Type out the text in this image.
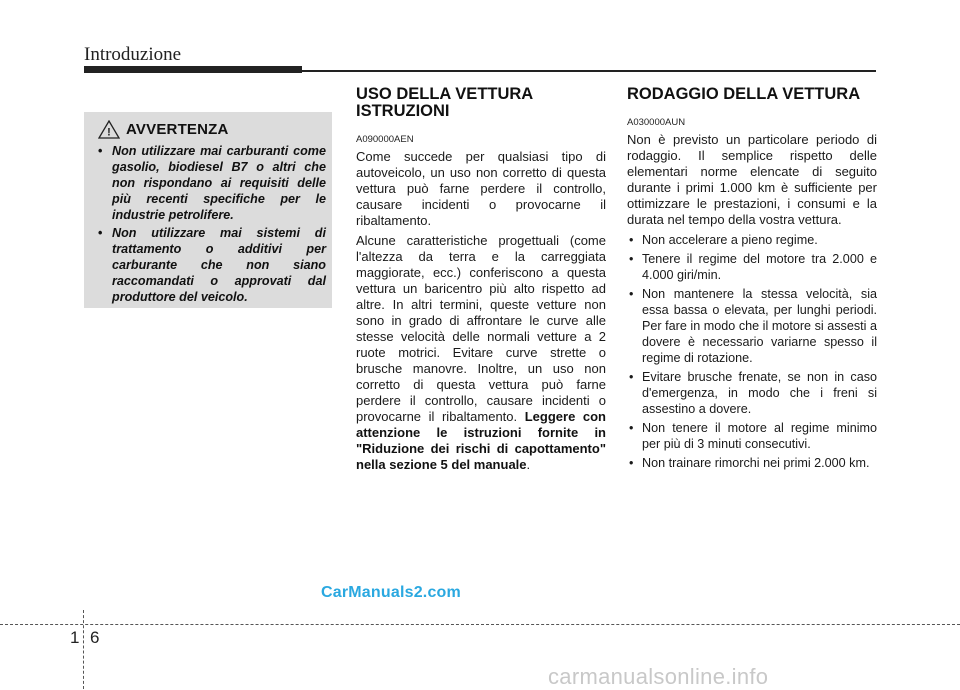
Introduzione
! AVVERTENZA
• Non utilizzare mai carburanti come gasolio, biodiesel B7 o altri che non rispondano ai requisiti delle più recenti specifiche per le industrie petrolifere.
• Non utilizzare mai sistemi di trattamento o additivi per carburante che non siano raccomandati o approvati dal produttore del veicolo.
USO DELLA VETTURA
ISTRUZIONI
A090000AEN

Come succede per qualsiasi tipo di autoveicolo, un uso non corretto di questa vettura può farne perdere il controllo, causare incidenti o provocarne il ribaltamento.

Alcune caratteristiche progettuali (come l'altezza da terra e la carreggiata maggiorate, ecc.) conferiscono a questa vettura un baricentro più alto rispetto ad altre. In altri termini, queste vetture non sono in grado di affrontare le curve alle stesse velocità delle normali vetture a 2 ruote motrici. Evitare curve strette o brusche manovre. Inoltre, un uso non corretto di questa vettura può farne perdere il controllo, causare incidenti o provocarne il ribaltamento. Leggere con attenzione le istruzioni fornite in "Riduzione dei rischi di capottamento" nella sezione 5 del manuale.

RODAGGIO DELLA VETTURA
A030000AUN

Non è previsto un particolare periodo di rodaggio. Il semplice rispetto delle elementari norme elencate di seguito durante i primi 1.000 km è sufficiente per ottimizzare le prestazioni, i consumi e la durata nel tempo della vostra vettura.

• Non accelerare a pieno regime.
• Tenere il regime del motore tra 2.000 e 4.000 giri/min.
• Non mantenere la stessa velocità, sia essa bassa o elevata, per lunghi periodi. Per fare in modo che il motore si assesti a dovere è necessario variarne spesso il regime di rotazione.
• Evitare brusche frenate, se non in caso d'emergenza, in modo che i freni si assestino a dovere.
• Non tenere il motore al regime minimo per più di 3 minuti consecutivi.
• Non trainare rimorchi nei primi 2.000 km.
CarManuals2.com
1 6
carmanualsonline.info
